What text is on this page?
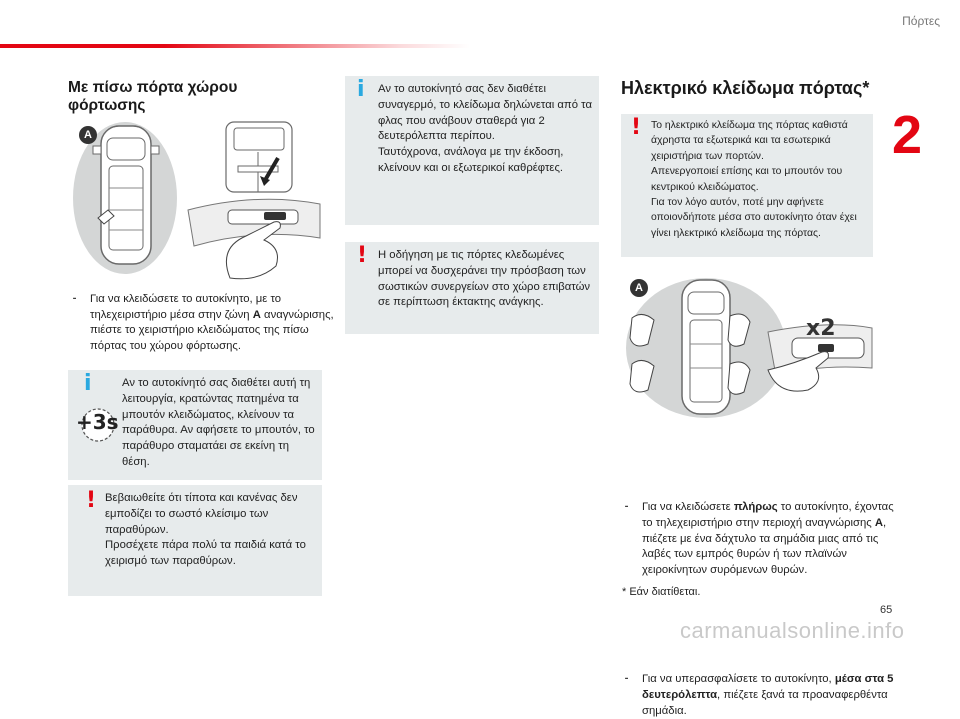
Πόρτες
2
Με πίσω πόρτα χώρου φόρτωσης
A
⁃ Για να κλειδώσετε το αυτοκίνητο, με το τηλεχειριστήριο μέσα στην ζώνη A αναγνώρισης, πιέστε το χειριστήριο κλειδώματος της πίσω πόρτας του χώρου φόρτωσης.
i	Αν το αυτοκίνητό σας διαθέτει αυτή τη λειτουργία, κρατώντας πατημένα τα μπουτόν κλειδώματος, κλείνουν τα παράθυρα. Αν αφήσετε το μπουτόν, το παράθυρο σταματάει σε εκείνη τη θέση.
+3s
! Βεβαιωθείτε ότι τίποτα και κανένας δεν εμποδίζει το σωστό κλείσιμο των παραθύρων.
Προσέχετε πάρα πολύ τα παιδιά κατά το χειρισμό των παραθύρων.
i Αν το αυτοκίνητό σας δεν διαθέτει συναγερμό, το κλείδωμα δηλώνεται από τα φλας που ανάβουν σταθερά για 2 δευτερόλεπτα περίπου.
Ταυτόχρονα, ανάλογα με την έκδοση, κλείνουν και οι εξωτερικοί καθρέφτες.
! Η οδήγηση με τις πόρτες κλεδωμένες μπορεί να δυσχεράνει την πρόσβαση των σωστικών συνεργείων στο χώρο επιβατών σε περίπτωση έκτακτης ανάγκης.
Ηλεκτρικό κλείδωμα πόρτας*
! Το ηλεκτρικό κλείδωμα της πόρτας καθιστά άχρηστα τα εξωτερικά και τα εσωτερικά χειριστήρια των πορτών.
Απενεργοποιεί επίσης και το μπουτόν του κεντρικού κλειδώματος.
Για τον λόγο αυτόν, ποτέ μην αφήνετε οποιονδήποτε μέσα στο αυτοκίνητο όταν έχει γίνει ηλεκτρικό κλείδωμα της πόρτας.
A
x2
⁃ Για να κλειδώσετε πλήρως το αυτοκίνητο, έχοντας το τηλεχειριστήριο στην περιοχή αναγνώρισης A, πιέζετε με ένα δάχτυλο τα σημάδια μιας από τις λαβές των εμπρός θυρών ή των πλαϊνών χειροκίνητων συρόμενων θυρών.
⁃ Για να υπερασφαλίσετε το αυτοκίνητο, μέσα στα 5 δευτερόλεπτα, πιέζετε ξανά τα προαναφερθέντα σημάδια.
* Εάν διατίθεται.
65
carmanualsonline.info
